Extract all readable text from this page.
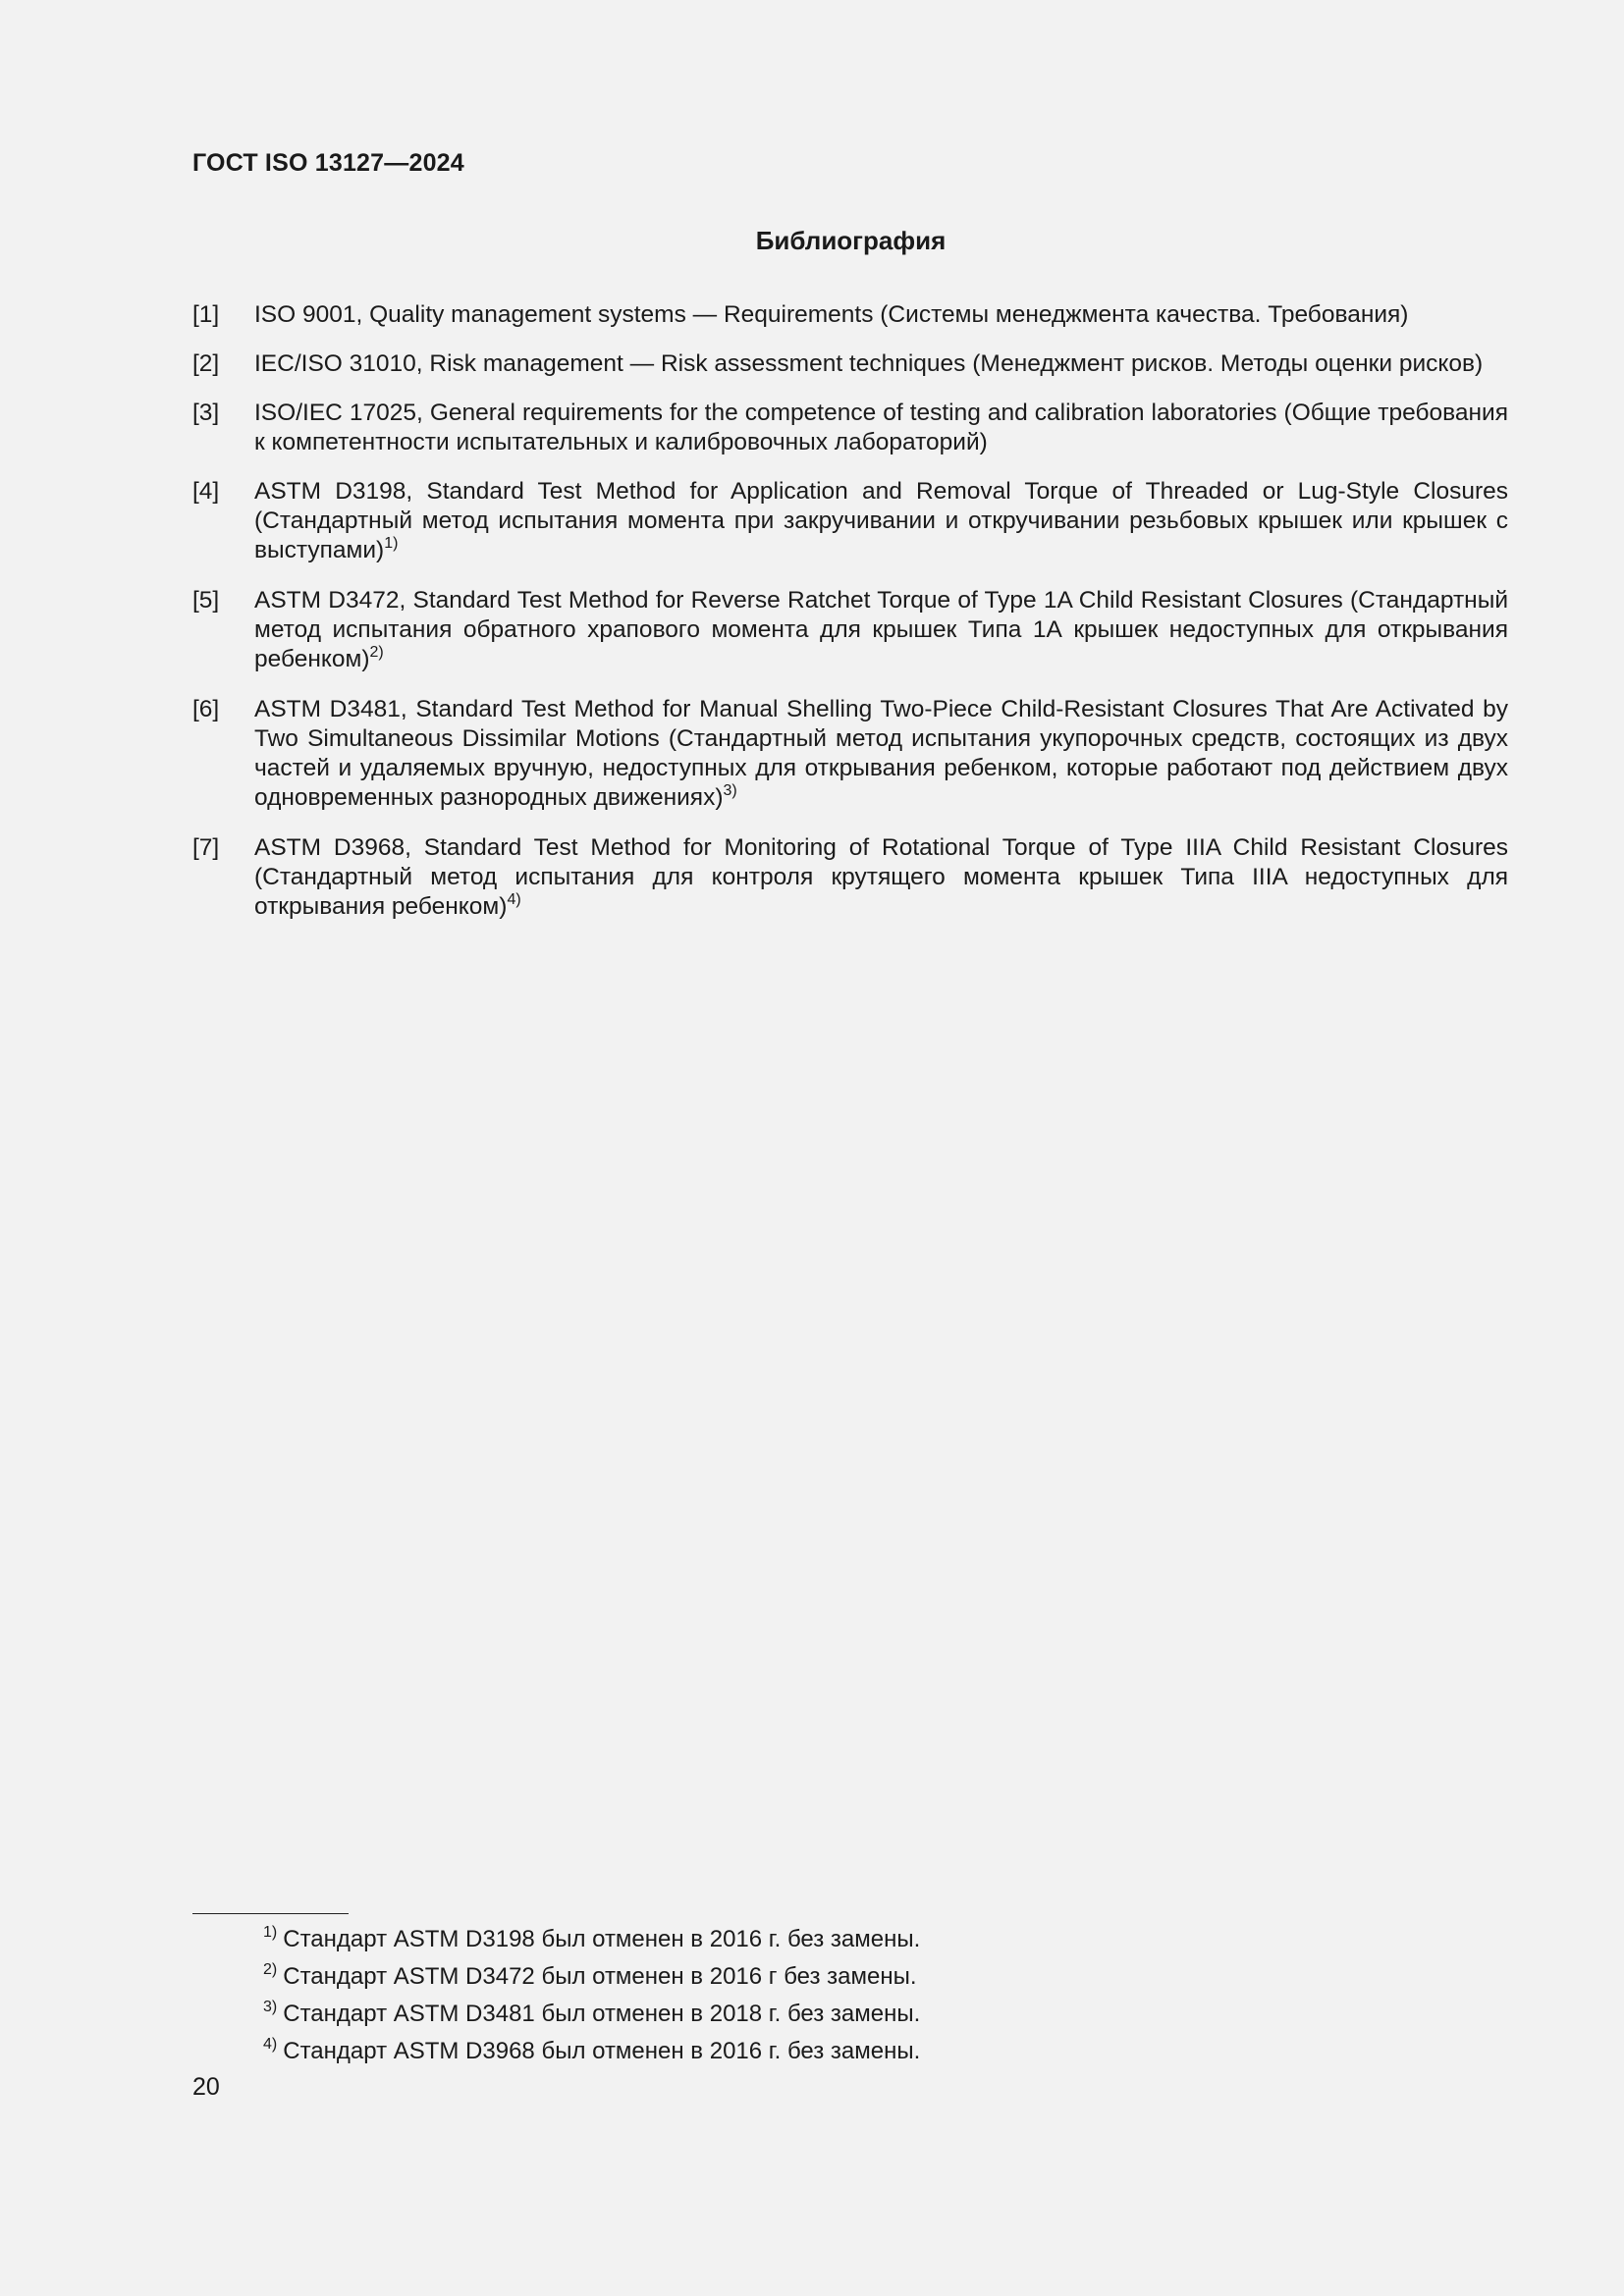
ГОСТ ISO 13127—2024
Библиография
[1] ISO 9001, Quality management systems — Requirements (Системы менеджмента качества. Требования)
[2] IEC/ISO 31010, Risk management — Risk assessment techniques (Менеджмент рисков. Методы оценки рисков)
[3] ISO/IEC 17025, General requirements for the competence of testing and calibration laboratories (Общие требования к компетентности испытательных и калибровочных лабораторий)
[4] ASTM D3198, Standard Test Method for Application and Removal Torque of Threaded or Lug-Style Closures (Стандартный метод испытания момента при закручивании и откручивании резьбовых крышек или крышек с выступами)$^{1)}$
[5] ASTM D3472, Standard Test Method for Reverse Ratchet Torque of Type 1A Child Resistant Closures (Стандартный метод испытания обратного храпового момента для крышек Типа 1А крышек недоступных для открывания ребенком)$^{2)}$
[6] ASTM D3481, Standard Test Method for Manual Shelling Two-Piece Child-Resistant Closures That Are Activated by Two Simultaneous Dissimilar Motions (Стандартный метод испытания укупорочных средств, состоящих из двух частей и удаляемых вручную, недоступных для открывания ребенком, которые работают под действием двух одновременных разнородных движениях)$^{3)}$
[7] ASTM D3968, Standard Test Method for Monitoring of Rotational Torque of Type IIIA Child Resistant Closures (Стандартный метод испытания для контроля крутящего момента крышек Типа IIIA недоступных для открывания ребенком)$^{4)}$
$^{1)}$ Стандарт ASTM D3198 был отменен в 2016 г. без замены.
$^{2)}$ Стандарт ASTM D3472 был отменен в 2016 г без замены.
$^{3)}$ Стандарт ASTM D3481 был отменен в 2018 г. без замены.
$^{4)}$ Стандарт ASTM D3968 был отменен в 2016 г. без замены.
20
